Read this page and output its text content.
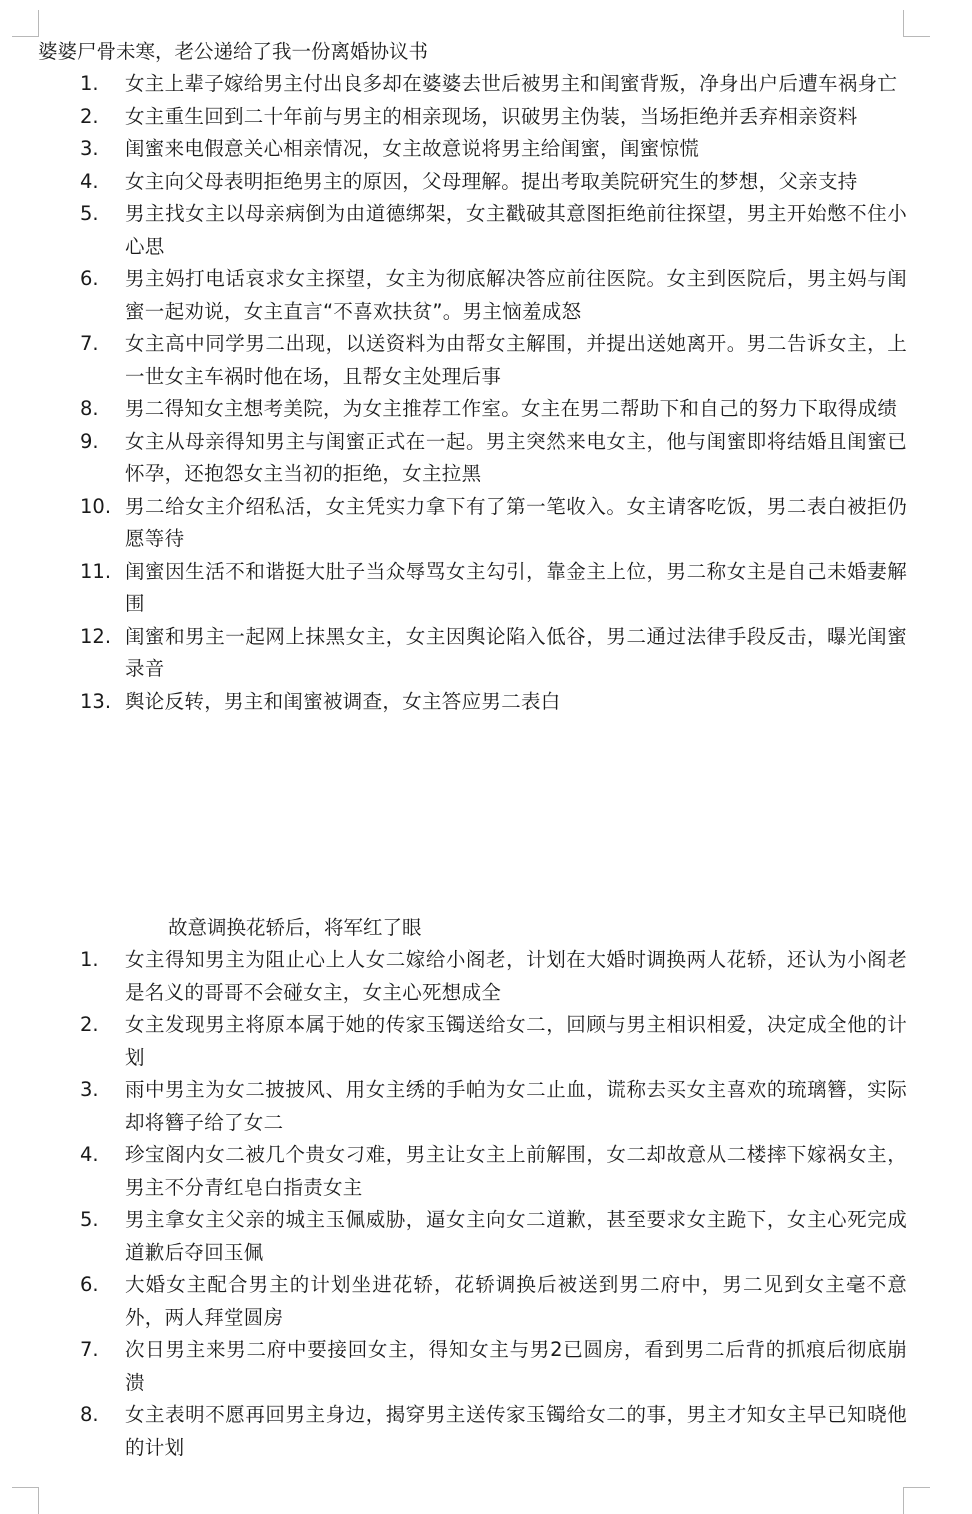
婆婆尸骨未寒，老公递给了我一份离婚协议书
1.	女主上辈子嫁给男主付出良多却在婆婆去世后被男主和闺蜜背叛，净身出户后遭车祸身亡
2.	女主重生回到二十年前与男主的相亲现场，识破男主伪装，当场拒绝并丢弃相亲资料
3.	闺蜜来电假意关心相亲情况，女主故意说将男主给闺蜜，闺蜜惊慌
4.	女主向父母表明拒绝男主的原因，父母理解。提出考取美院研究生的梦想，父亲支持
5.	男主找女主以母亲病倒为由道德绑架，女主戳破其意图拒绝前往探望，男主开始憋不住小心思
6.	男主妈打电话哀求女主探望，女主为彻底解决答应前往医院。女主到医院后，男主妈与闺蜜一起劝说，女主直言“不喜欢扶贫”。男主恼羞成怒
7.	女主高中同学男二出现，以送资料为由帮女主解围，并提出送她离开。男二告诉女主，上一世女主车祸时他在场，且帮女主处理后事
8.	男二得知女主想考美院，为女主推荐工作室。女主在男二帮助下和自己的努力下取得成绩
9.	女主从母亲得知男主与闺蜜正式在一起。男主突然来电女主，他与闺蜜即将结婚且闺蜜已怀孕，还抱怨女主当初的拒绝，女主拉黑
10. 男二给女主介绍私活，女主凭实力拿下有了第一笔收入。女主请客吃饭，男二表白被拒仍愿等待
11. 闺蜜因生活不和谐挺大肚子当众辱骂女主勾引，靠金主上位，男二称女主是自己未婚妻解围
12. 闺蜜和男主一起网上抹黑女主，女主因舆论陷入低谷，男二通过法律手段反击，曝光闺蜜录音
13. 舆论反转，男主和闺蜜被调查，女主答应男二表白
故意调换花轿后，将军红了眼
1.	女主得知男主为阻止心上人女二嫁给小阁老，计划在大婚时调换两人花轿，还认为小阁老是名义的哥哥不会碰女主，女主心死想成全
2.	女主发现男主将原本属于她的传家玉镯送给女二，回顾与男主相识相爱，决定成全他的计划
3.	雨中男主为女二披披风、用女主绣的手帕为女二止血，谎称去买女主喜欢的琉璃簪，实际却将簪子给了女二
4.	珍宝阁内女二被几个贵女刁难，男主让女主上前解围，女二却故意从二楼摔下嫁祸女主，男主不分青红皂白指责女主
5.	男主拿女主父亲的城主玉佩威胁，逼女主向女二道歉，甚至要求女主跪下，女主心死完成道歉后夺回玉佩
6.	大婚女主配合男主的计划坐进花轿，花轿调换后被送到男二府中，男二见到女主毫不意外，两人拜堂圆房
7.	次日男主来男二府中要接回女主，得知女主与男2已圆房，看到男二后背的抓痕后彻底崩溃
8.	女主表明不愿再回男主身边，揭穿男主送传家玉镯给女二的事，男主才知女主早已知晓他的计划
